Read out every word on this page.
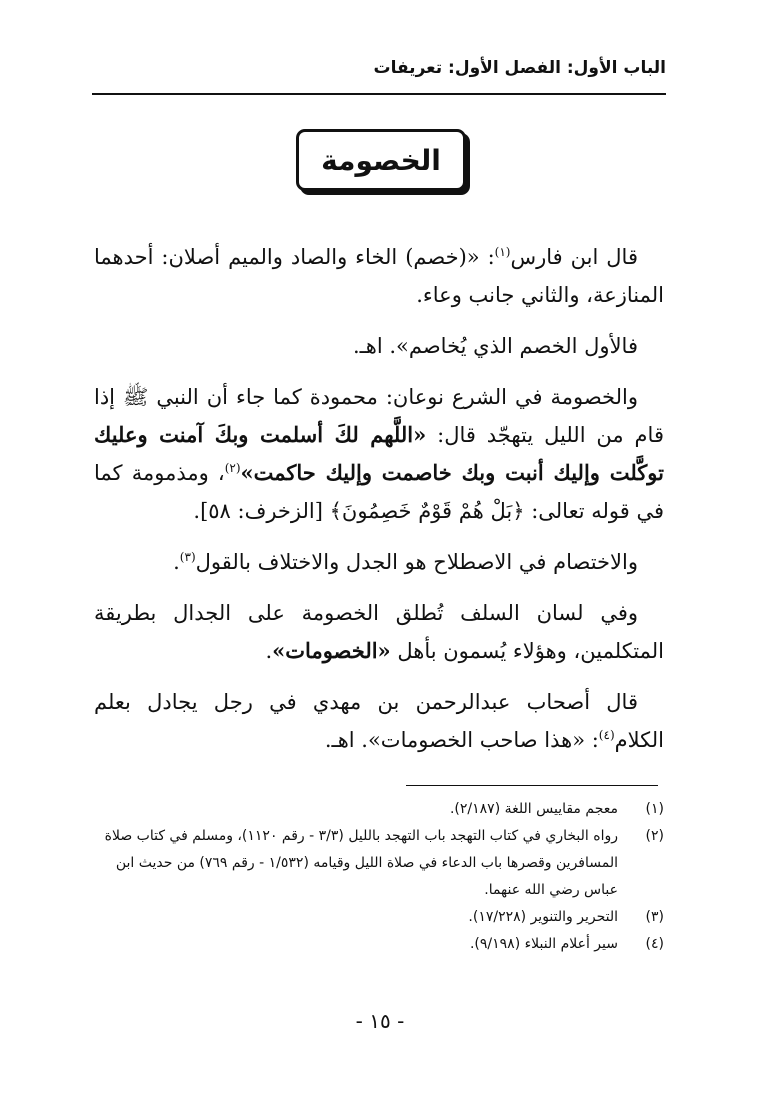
الباب الأول: الفصل الأول: تعريفات
الخصومة

قال ابن فارس$^{(١)}$: «(خصم) الخاء والصاد والميم أصلان: أحدهما المنازعة، والثاني جانب وعاء.

فالأول الخصم الذي يُخاصم». اهـ.

والخصومة في الشرع نوعان: محمودة كما جاء أن النبي ﷺ إذا قام من الليل يتهجّد قال: «اللَّهم لكَ أسلمت وبكَ آمنت وعليك توكَّلت وإليك أنبت وبك خاصمت وإليك حاكمت»$^{(٢)}$، ومذمومة كما في قوله تعالى: ﴿بَلْ هُمْ قَوْمٌ خَصِمُونَ﴾ [الزخرف: ٥٨].

والاختصام في الاصطلاح هو الجدل والاختلاف بالقول$^{(٣)}$.

وفي لسان السلف تُطلق الخصومة على الجدال بطريقة المتكلمين، وهؤلاء يُسمون بأهل «الخصومات».

قال أصحاب عبدالرحمن بن مهدي في رجل يجادل بعلم الكلام$^{(٤)}$: «هذا صاحب الخصومات». اهـ.

(١)
معجم مقاييس اللغة (٢/١٨٧).
(٢)
رواه البخاري في كتاب التهجد باب التهجد بالليل (٣/٣ - رقم ١١٢٠)، ومسلم في كتاب صلاة المسافرين وقصرها باب الدعاء في صلاة الليل وقيامه (١/٥٣٢ - رقم ٧٦٩) من حديث ابن عباس رضي الله عنهما.
(٣)
التحرير والتنوير (١٧/٢٢٨).
(٤)
سير أعلام النبلاء (٩/١٩٨).
- ١٥ -
